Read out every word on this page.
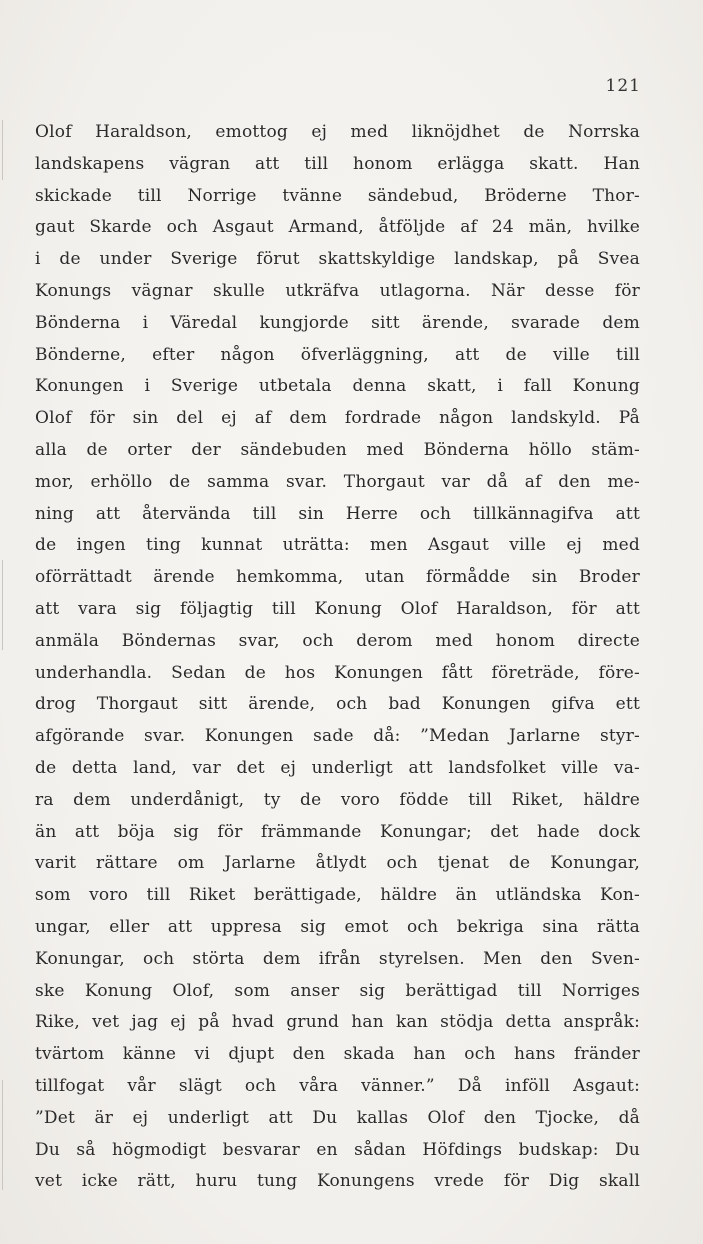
121
Olof Haraldson, emottog ej med liknöjdhet de Norrska
landskapens vägran att till honom erlägga skatt. Han
skickade till Norrige tvänne sändebud, Bröderne Thor-
gaut Skarde och Asgaut Armand, åtföljde af 24 män, hvilke
i de under Sverige förut skattskyldige landskap, på Svea
Konungs vägnar skulle utkräfva utlagorna. När desse för
Bönderna i Väredal kungjorde sitt ärende, svarade dem
Bönderne, efter någon öfverläggning, att de ville till
Konungen i Sverige utbetala denna skatt, i fall Konung
Olof för sin del ej af dem fordrade någon landskyld. På
alla de orter der sändebuden med Bönderna höllo stäm-
mor, erhöllo de samma svar. Thorgaut var då af den me-
ning att återvända till sin Herre och tillkännagifva att
de ingen ting kunnat uträtta: men Asgaut ville ej med
oförrättadt ärende hemkomma, utan förmådde sin Broder
att vara sig följagtig till Konung Olof Haraldson, för att
anmäla Böndernas svar, och derom med honom directe
underhandla. Sedan de hos Konungen fått företräde, före-
drog Thorgaut sitt ärende, och bad Konungen gifva ett
afgörande svar. Konungen sade då: ”Medan Jarlarne styr-
de detta land, var det ej underligt att landsfolket ville va-
ra dem underdånigt, ty de voro födde till Riket, häldre
än att böja sig för främmande Konungar; det hade dock
varit rättare om Jarlarne åtlydt och tjenat de Konungar,
som voro till Riket berättigade, häldre än utländska Kon-
ungar, eller att uppresa sig emot och bekriga sina rätta
Konungar, och störta dem ifrån styrelsen. Men den Sven-
ske Konung Olof, som anser sig berättigad till Norriges
Rike, vet jag ej på hvad grund han kan stödja detta anspråk:
tvärtom känne vi djupt den skada han och hans fränder
tillfogat vår slägt och våra vänner.” Då inföll Asgaut:
”Det är ej underligt att Du kallas Olof den Tjocke, då
Du så högmodigt besvarar en sådan Höfdings budskap: Du
vet icke rätt, huru tung Konungens vrede för Dig skall
